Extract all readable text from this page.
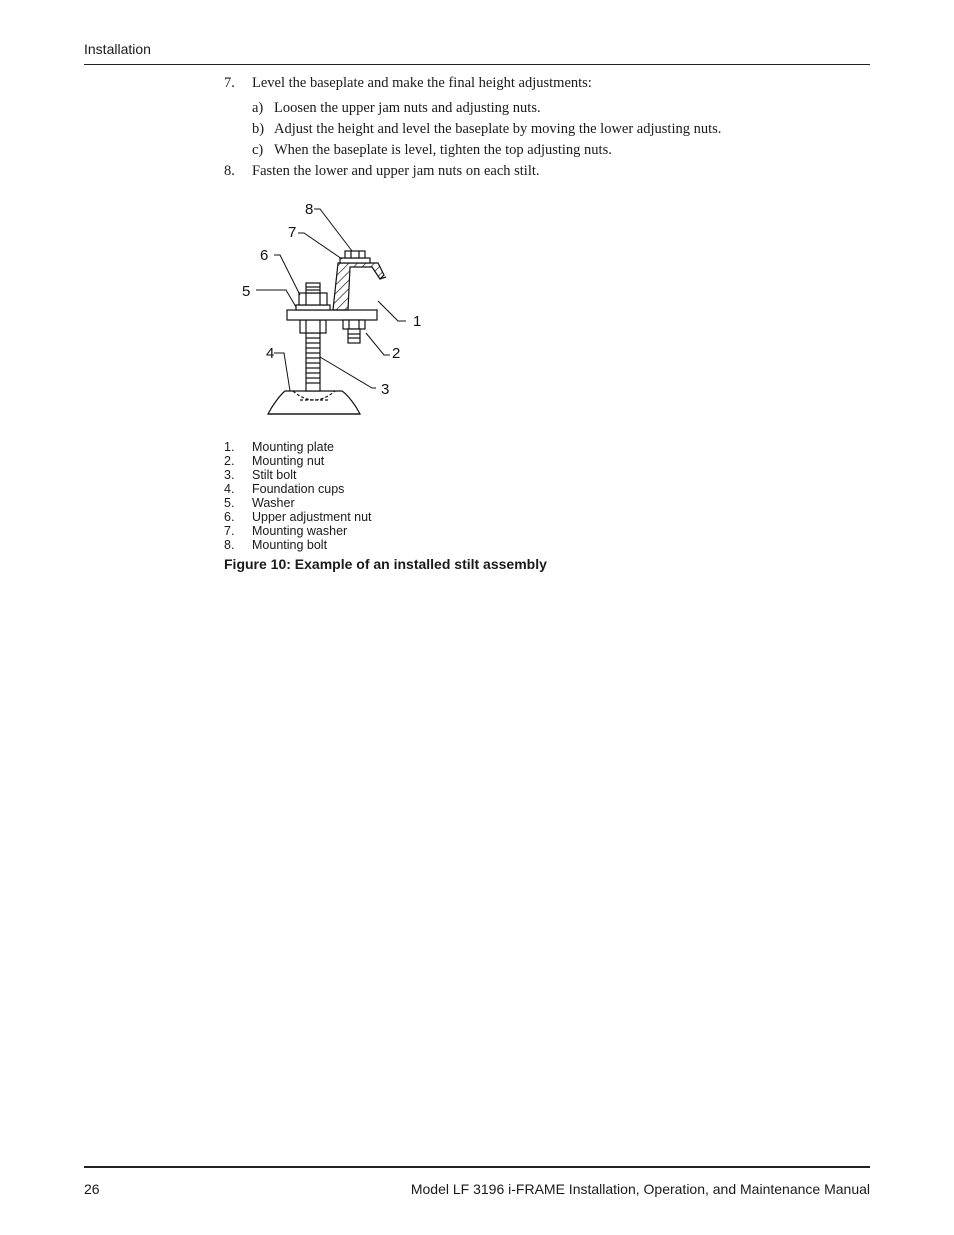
Installation
7. Level the baseplate and make the final height adjustments:
a) Loosen the upper jam nuts and adjusting nuts.
b) Adjust the height and level the baseplate by moving the lower adjusting nuts.
c) When the baseplate is level, tighten the top adjusting nuts.
8. Fasten the lower and upper jam nuts on each stilt.
1
2
3
4
5
6
7
8
1. Mounting plate
2. Mounting nut
3. Stilt bolt
4. Foundation cups
5. Washer
6. Upper adjustment nut
7. Mounting washer
8. Mounting bolt
Figure 10: Example of an installed stilt assembly
26	Model LF 3196 i-FRAME Installation, Operation, and Maintenance Manual
